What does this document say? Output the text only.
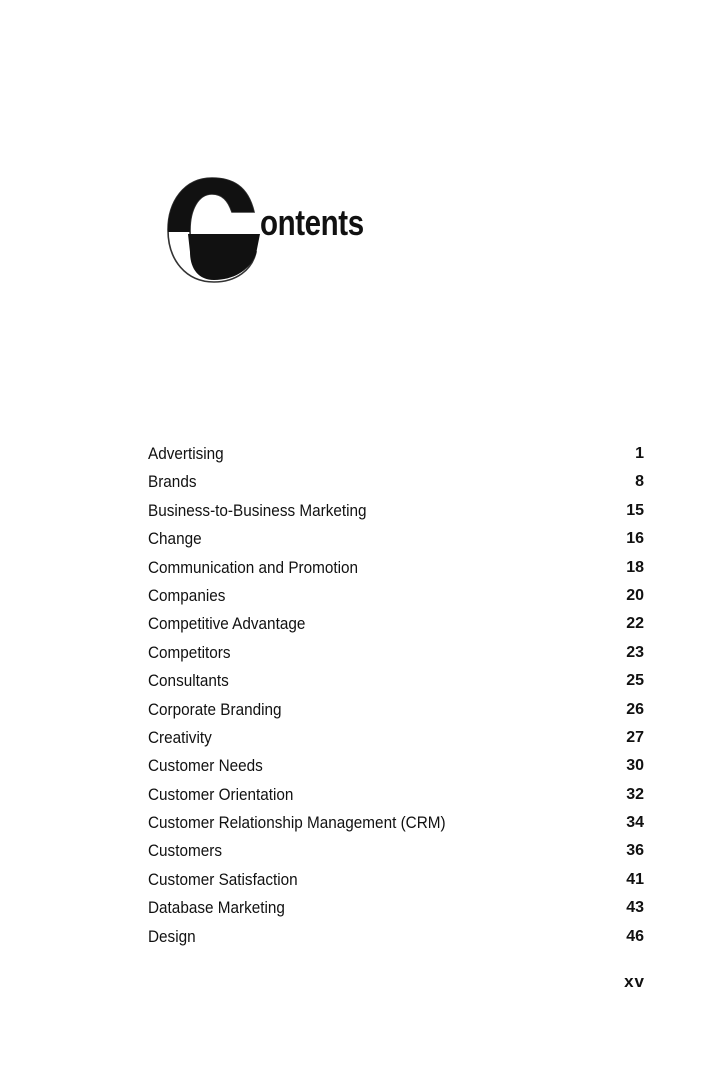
ontents
Advertising	1
Brands	8
Business-to-Business Marketing	15
Change	16
Communication and Promotion	18
Companies	20
Competitive Advantage	22
Competitors	23
Consultants	25
Corporate Branding	26
Creativity	27
Customer Needs	30
Customer Orientation	32
Customer Relationship Management (CRM)	34
Customers	36
Customer Satisfaction	41
Database Marketing	43
Design	46
xv
